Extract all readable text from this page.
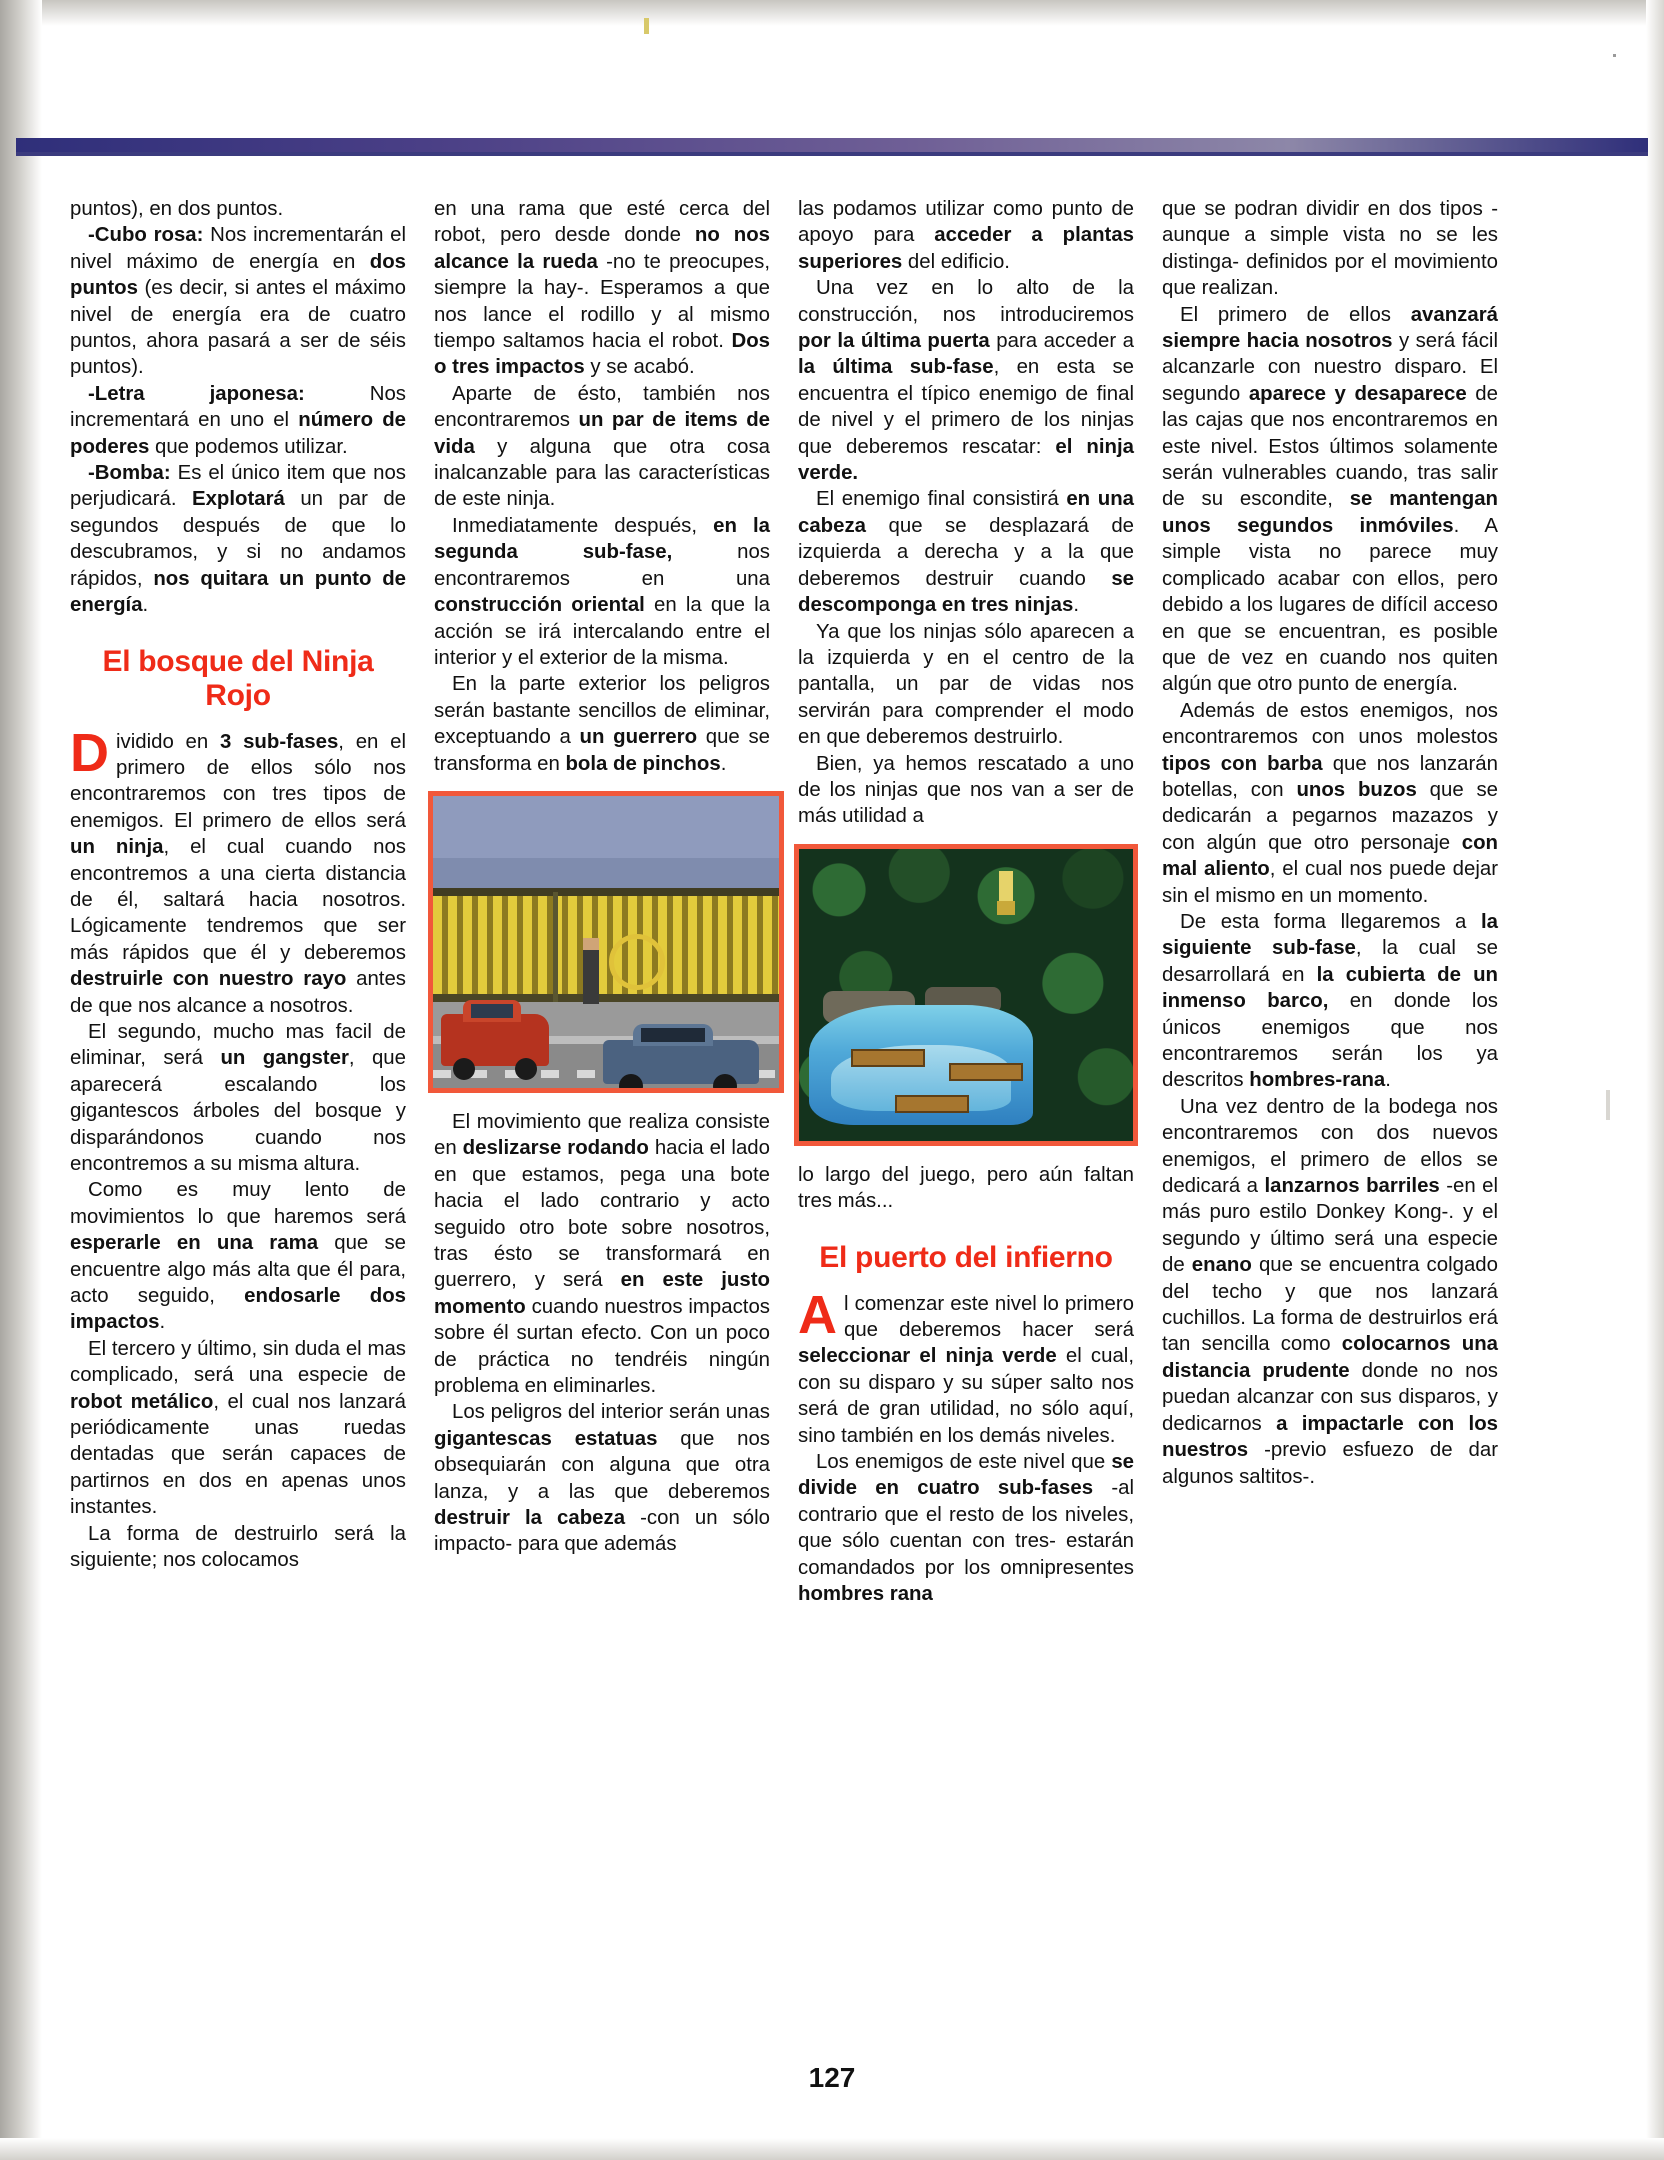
puntos), en dos puntos.

-Cubo rosa: Nos incrementarán el nivel máximo de energía en dos puntos (es decir, si antes el máximo nivel de energía era de cuatro puntos, ahora pasará a ser de séis puntos).

-Letra japonesa: Nos incrementará en uno el número de poderes que podemos utilizar.

-Bomba: Es el único item que nos perjudicará. Explotará un par de segundos después de que lo descubramos, y si no andamos rápidos, nos quitara un punto de energía.

El bosque del Ninja Rojo

Dividido en 3 sub-fases, en el primero de ellos sólo nos encontraremos con tres tipos de enemigos. El primero de ellos será un ninja, el cual cuando nos encontremos a una cierta distancia de él, saltará hacia nosotros. Lógicamente tendremos que ser más rápidos que él y deberemos destruirle con nuestro rayo antes de que nos alcance a nosotros.

El segundo, mucho mas facil de eliminar, será un gangster, que aparecerá escalando los gigantescos árboles del bosque y disparándonos cuando nos encontremos a su misma altura.

Como es muy lento de movimientos lo que haremos será esperarle en una rama que se encuentre algo más alta que él para, acto seguido, endosarle dos impactos.

El tercero y último, sin duda el mas complicado, será una especie de robot metálico, el cual nos lanzará periódicamente unas ruedas dentadas que serán capaces de partirnos en dos en apenas unos instantes.

La forma de destruirlo será la siguiente; nos colocamos

en una rama que esté cerca del robot, pero desde donde no nos alcance la rueda -no te preocupes, siempre la hay-. Esperamos a que nos lance el rodillo y al mismo tiempo saltamos hacia el robot. Dos o tres impactos y se acabó.

Aparte de ésto, también nos encontraremos un par de items de vida y alguna que otra cosa inalcanzable para las características de este ninja.

Inmediatamente después, en la segunda sub-fase, nos encontraremos en una construcción oriental en la que la acción se irá intercalando entre el interior y el exterior de la misma.

En la parte exterior los peligros serán bastante sencillos de eliminar, exceptuando a un guerrero que se transforma en bola de pinchos.

El movimiento que realiza consiste en deslizarse rodando hacia el lado en que estamos, pega una bote hacia el lado contrario y acto seguido otro bote sobre nosotros, tras ésto se transformará en guerrero, y será en este justo momento cuando nuestros impactos sobre él surtan efecto. Con un poco de práctica no tendréis ningún problema en eliminarles.

Los peligros del interior serán unas gigantescas estatuas que nos obsequiarán con alguna que otra lanza, y a las que deberemos destruir la cabeza -con un sólo impacto- para que además

las podamos utilizar como punto de apoyo para acceder a plantas superiores del edificio.

Una vez en lo alto de la construcción, nos introduciremos por la última puerta para acceder a la última sub-fase, en esta se encuentra el típico enemigo de final de nivel y el primero de los ninjas que deberemos rescatar: el ninja verde.

El enemigo final consistirá en una cabeza que se desplazará de izquierda a derecha y a la que deberemos destruir cuando se descomponga en tres ninjas.

Ya que los ninjas sólo aparecen a la izquierda y en el centro de la pantalla, un par de vidas nos servirán para comprender el modo en que deberemos destruirlo.

Bien, ya hemos rescatado a uno de los ninjas que nos van a ser de más utilidad a

lo largo del juego, pero aún faltan tres más...

El puerto del infierno

Al comenzar este nivel lo primero que deberemos hacer será seleccionar el ninja verde el cual, con su disparo y su súper salto nos será de gran utilidad, no sólo aquí, sino también en los demás niveles.

Los enemigos de este nivel que se divide en cuatro sub-fases -al contrario que el resto de los niveles, que sólo cuentan con tres- estarán comandados por los omnipresentes hombres rana

que se podran dividir en dos tipos -aunque a simple vista no se les distinga- definidos por el movimiento que realizan.

El primero de ellos avanzará siempre hacia nosotros y será fácil alcanzarle con nuestro disparo. El segundo aparece y desaparece de las cajas que nos encontraremos en este nivel. Estos últimos solamente serán vulnerables cuando, tras salir de su escondite, se mantengan unos segundos inmóviles. A simple vista no parece muy complicado acabar con ellos, pero debido a los lugares de difícil acceso en que se encuentran, es posible que de vez en cuando nos quiten algún que otro punto de energía.

Además de estos enemigos, nos encontraremos con unos molestos tipos con barba que nos lanzarán botellas, con unos buzos que se dedicarán a pegarnos mazazos y con algún que otro personaje con mal aliento, el cual nos puede dejar sin el mismo en un momento.

De esta forma llegaremos a la siguiente sub-fase, la cual se desarrollará en la cubierta de un inmenso barco, en donde los únicos enemigos que nos encontraremos serán los ya descritos hombres-rana.

Una vez dentro de la bodega nos encontraremos con dos nuevos enemigos, el primero de ellos se dedicará a lanzarnos barriles -en el más puro estilo Donkey Kong-. y el segundo y último será una especie de enano que se encuentra colgado del techo y que nos lanzará cuchillos. La forma de destruirlos erá tan sencilla como colocarnos una distancia prudente donde no nos puedan alcanzar con sus disparos, y dedicarnos a impactarle con los nuestros -previo esfuezo de dar algunos saltitos-.

127
